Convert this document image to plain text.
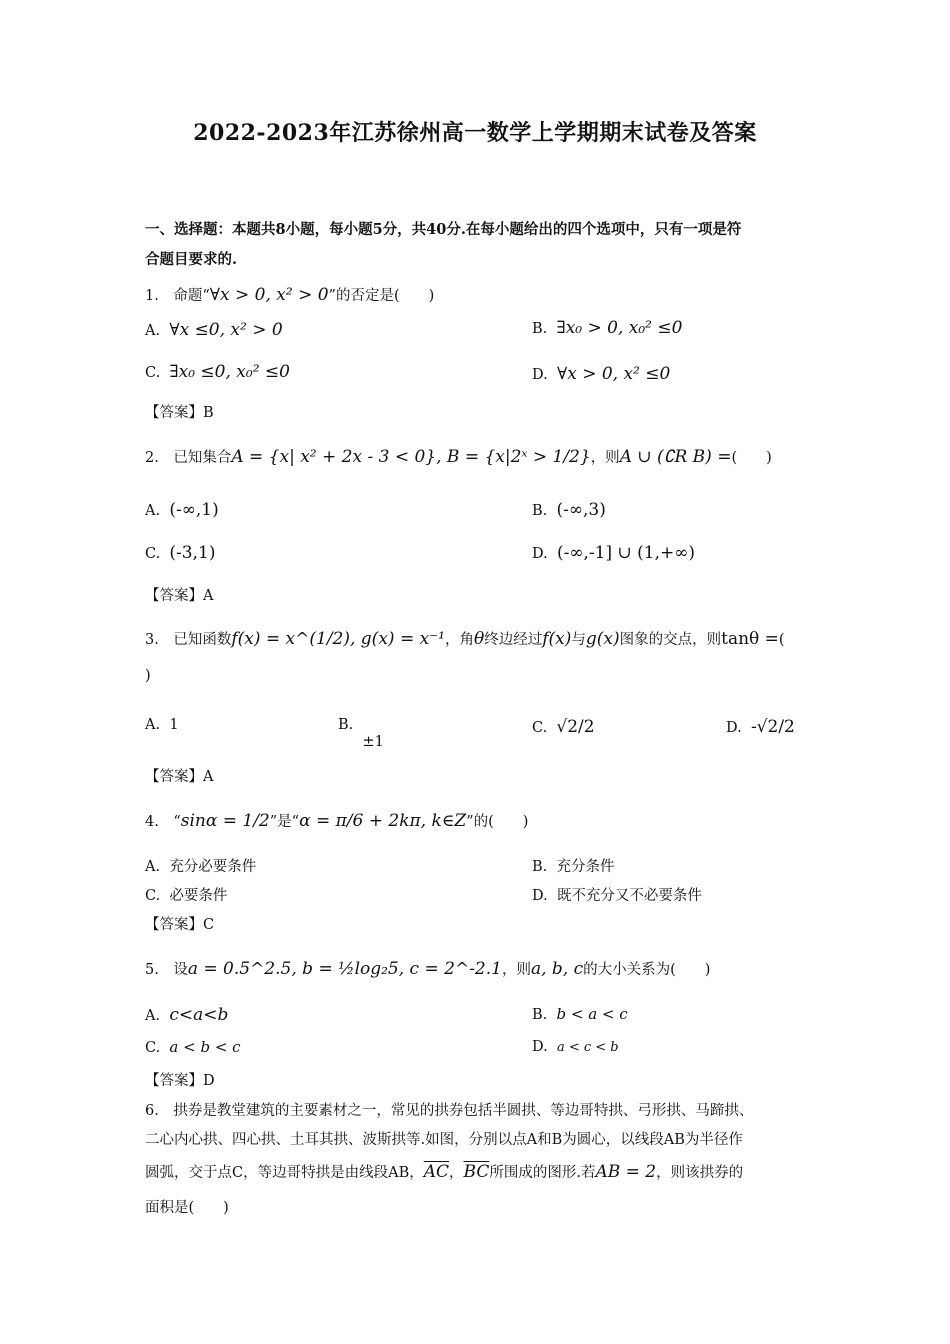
2022-2023年江苏徐州高一数学上学期期末试卷及答案
一、选择题：本题共8小题，每小题5分，共40分.在每小题给出的四个选项中，只有一项是符
合题目要求的.
1.　命题“∀x > 0, x² > 0”的否定是(　　)
A. ∀x ≤0, x² > 0	B. ∃x₀ > 0, x₀² ≤0
C. ∃x₀ ≤0, x₀² ≤0	D. ∀x > 0, x² ≤0
【答案】B
2.　已知集合A = {x| x² + 2x - 3 < 0}, B = {x|2ˣ > 1/2}，则A ∪ (∁R B) =(　　)
A. (-∞,1)	B. (-∞,3)
C. (-3,1)	D. (-∞,-1] ∪ (1,+∞)
【答案】A
3.　已知函数f(x) = x^(1/2), g(x) = x⁻¹，角θ终边经过f(x)与g(x)图象的交点，则tanθ =(
)
A. 1	B.  ±1
C. √2/2	D. -√2/2
【答案】A
4.　“sinα = 1/2”是“α = π/6 + 2kπ, k∈Z”的(　　)
A. 充分必要条件	B. 充分条件
C. 必要条件	D. 既不充分又不必要条件
【答案】C
5.　设a = 0.5^2.5, b = ½log₂5, c = 2^-2.1，则a, b, c的大小关系为(　　)
A. c<a<b	B. b < a < c
C. a < b < c	D. a < c < b
【答案】D
6.　拱券是教堂建筑的主要素材之一，常见的拱券包括半圆拱、等边哥特拱、弓形拱、马蹄拱、
二心内心拱、四心拱、土耳其拱、波斯拱等.如图，分别以点A和B为圆心，以线段AB为半径作
圆弧，交于点C，等边哥特拱是由线段AB，$\overline{AC}$，$\overline{BC}$所围成的图形.若AB = 2，则该拱券的
面积是(　　)
